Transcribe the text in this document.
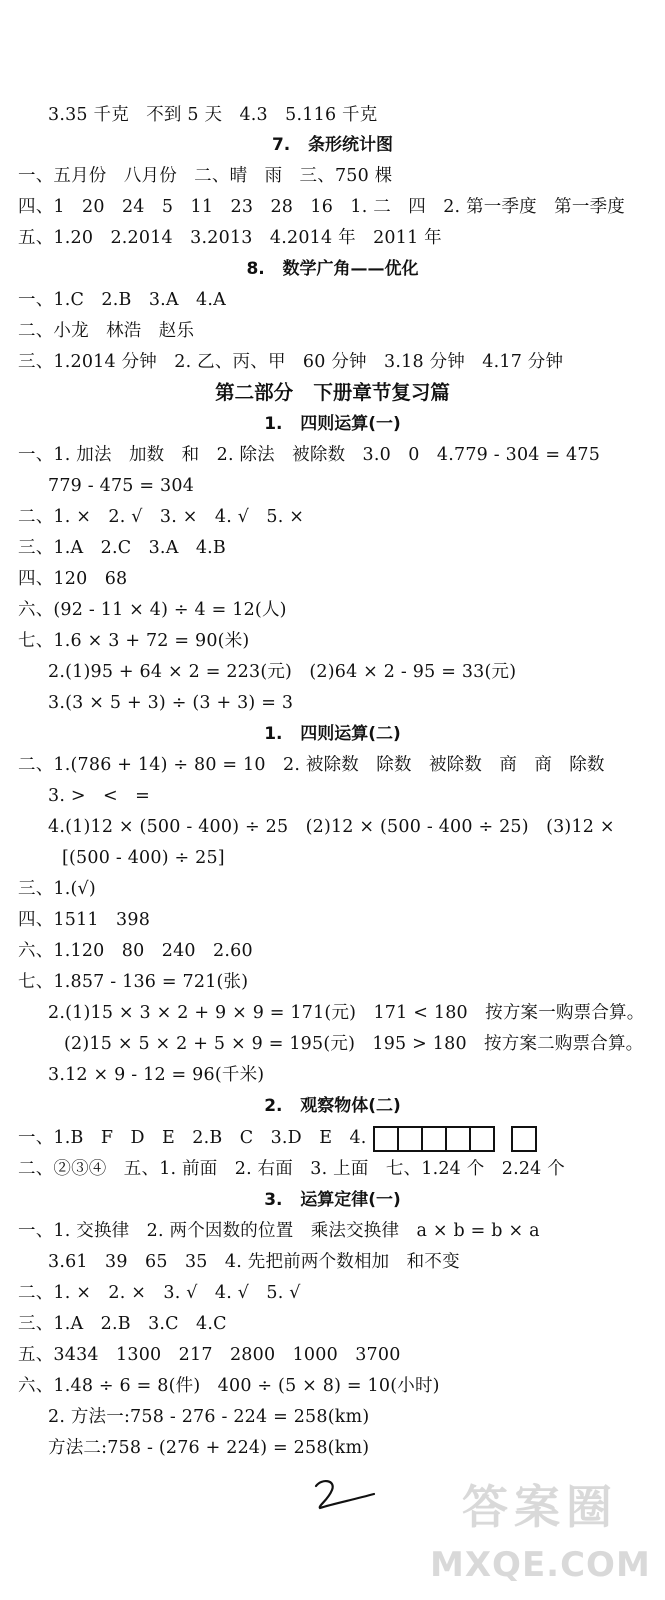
3.35 千克   不到 5 天   4.3   5.116 千克
7.   条形统计图
一、五月份   八月份   二、晴   雨   三、750 棵
四、1   20   24   5   11   23   28   16   1. 二   四   2. 第一季度   第一季度
五、1.20   2.2014   3.2013   4.2014 年   2011 年
8.   数学广角——优化
一、1.C   2.B   3.A   4.A
二、小龙   林浩   赵乐
三、1.2014 分钟   2. 乙、丙、甲   60 分钟   3.18 分钟   4.17 分钟
第二部分   下册章节复习篇
1.   四则运算(一)
一、1. 加法   加数   和   2. 除法   被除数   3.0   0   4.779 - 304 = 475
779 - 475 = 304
二、1. ×   2. √   3. ×   4. √   5. ×
三、1.A   2.C   3.A   4.B
四、120   68
六、(92 - 11 × 4) ÷ 4 = 12(人)
七、1.6 × 3 + 72 = 90(米)
2.(1)95 + 64 × 2 = 223(元)   (2)64 × 2 - 95 = 33(元)
3.(3 × 5 + 3) ÷ (3 + 3) = 3
1.   四则运算(二)
二、1.(786 + 14) ÷ 80 = 10   2. 被除数   除数   被除数   商   商   除数
3. >   <   =
4.(1)12 × (500 - 400) ÷ 25   (2)12 × (500 - 400 ÷ 25)   (3)12 ×
[(500 - 400) ÷ 25]
三、1.(√)
四、1511   398
六、1.120   80   240   2.60
七、1.857 - 136 = 721(张)
2.(1)15 × 3 × 2 + 9 × 9 = 171(元)   171 < 180   按方案一购票合算。
(2)15 × 5 × 2 + 5 × 9 = 195(元)   195 > 180   按方案二购票合算。
3.12 × 9 - 12 = 96(千米)
2.   观察物体(二)
一、1.B   F   D   E   2.B   C   3.D   E   4.
二、②③④   五、1. 前面   2. 右面   3. 上面   七、1.24 个   2.24 个
3.   运算定律(一)
一、1. 交换律   2. 两个因数的位置   乘法交换律   a × b = b × a
3.61   39   65   35   4. 先把前两个数相加   和不变
二、1. ×   2. ×   3. √   4. √   5. √
三、1.A   2.B   3.C   4.C
五、3434   1300   217   2800   1000   3700
六、1.48 ÷ 6 = 8(件)   400 ÷ (5 × 8) = 10(小时)
2. 方法一:758 - 276 - 224 = 258(km)
方法二:758 - (276 + 224) = 258(km)
答案圈
MXQE.COM
